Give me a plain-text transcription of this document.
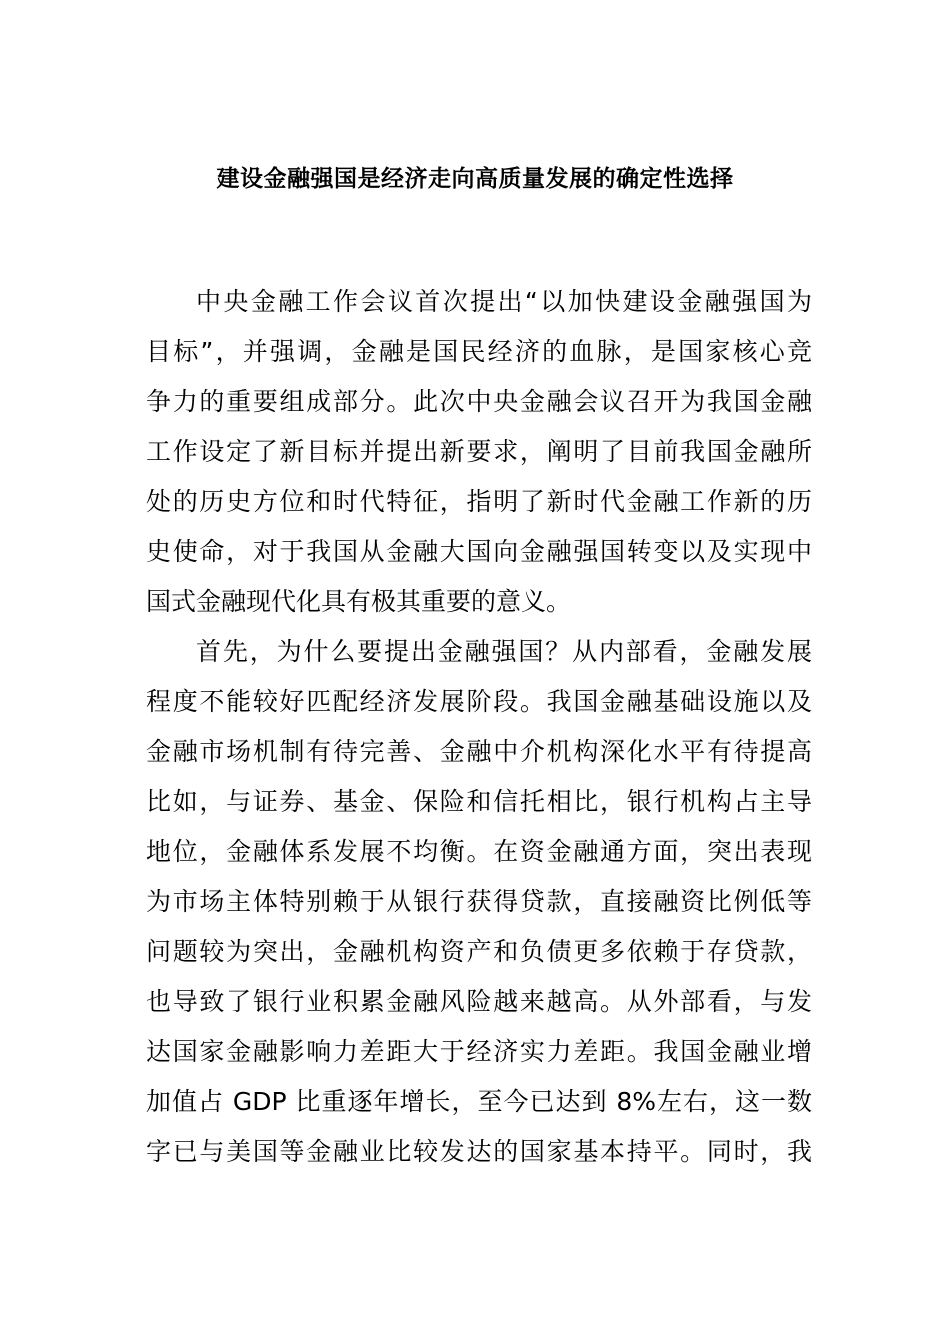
建设金融强国是经济走向高质量发展的确定性选择
中央金融工作会议首次提出“以加快建设金融强国为
目标”，并强调，金融是国民经济的血脉，是国家核心竞
争力的重要组成部分。此次中央金融会议召开为我国金融
工作设定了新目标并提出新要求，阐明了目前我国金融所
处的历史方位和时代特征，指明了新时代金融工作新的历
史使命，对于我国从金融大国向金融强国转变以及实现中
国式金融现代化具有极其重要的意义。
首先，为什么要提出金融强国？从内部看，金融发展
程度不能较好匹配经济发展阶段。我国金融基础设施以及
金融市场机制有待完善、金融中介机构深化水平有待提高
比如，与证券、基金、保险和信托相比，银行机构占主导
地位，金融体系发展不均衡。在资金融通方面，突出表现
为市场主体特别赖于从银行获得贷款，直接融资比例低等
问题较为突出，金融机构资产和负债更多依赖于存贷款，
也导致了银行业积累金融风险越来越高。从外部看，与发
达国家金融影响力差距大于经济实力差距。我国金融业增
加值占 GDP 比重逐年增长，至今已达到 8%左右，这一数
字已与美国等金融业比较发达的国家基本持平。同时，我
